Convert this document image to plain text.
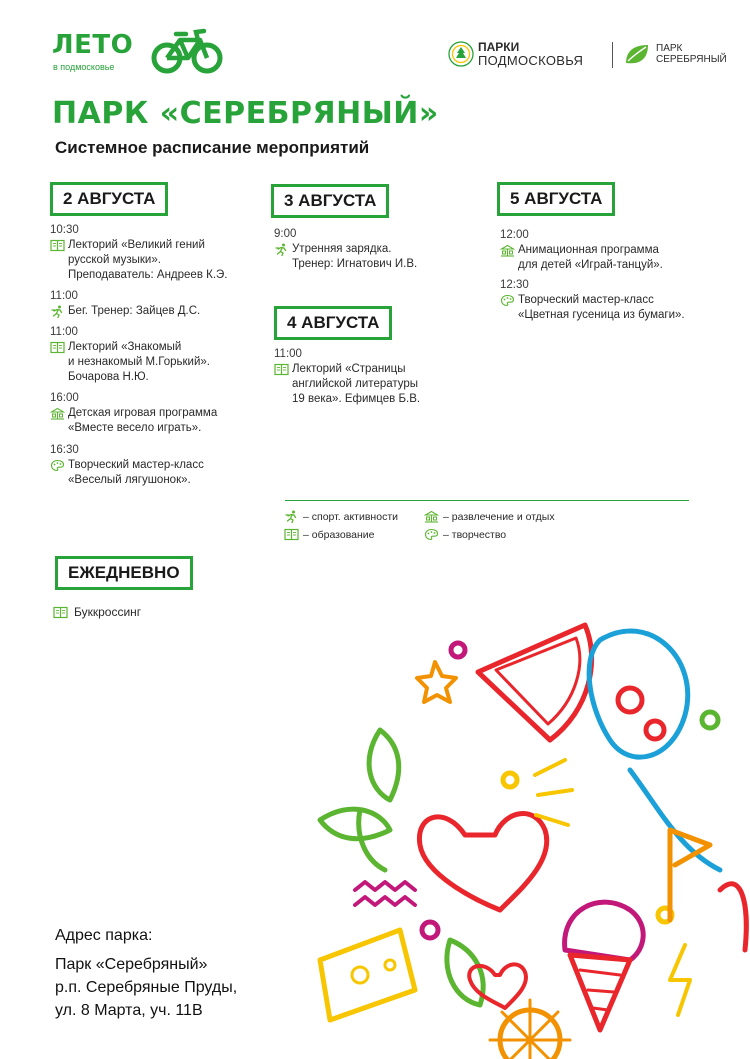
ЛЕТО
в подмосковье
ПАРКИ
ПОДМОСКОВЬЯ
ПАРК
СЕРЕБРЯНЫЙ
ПАРК «СЕРЕБРЯНЫЙ»
Системное расписание мероприятий
2 АВГУСТА	3 АВГУСТА
4 АВГУСТА
5 АВГУСТА
10:30
Лекторий «Великий гений
русской музыки».
Преподаватель: Андреев К.Э.
11:00
Бег. Тренер: Зайцев Д.С.
11:00
Лекторий «Знакомый
и незнакомый М.Горький».
Бочарова Н.Ю.
16:00
Детская игровая программа
«Вместе весело играть».
16:30
Творческий мастер-класс
«Веселый лягушонок».
9:00
Утренняя зарядка.
Тренер: Игнатович И.В.
11:00
Лекторий «Страницы
английской литературы
19 века». Ефимцев Б.В.
12:00
Анимационная программа
для детей «Играй-танцуй».
12:30
Творческий мастер-класс
«Цветная гусеница из бумаги».
– спорт. активности	– развлечение и отдых
– образование	– творчество
ЕЖЕДНЕВНО
Буккроссинг
Адрес парка:
Парк «Серебряный»
р.п. Серебряные Пруды,
ул. 8 Марта, уч. 11В
